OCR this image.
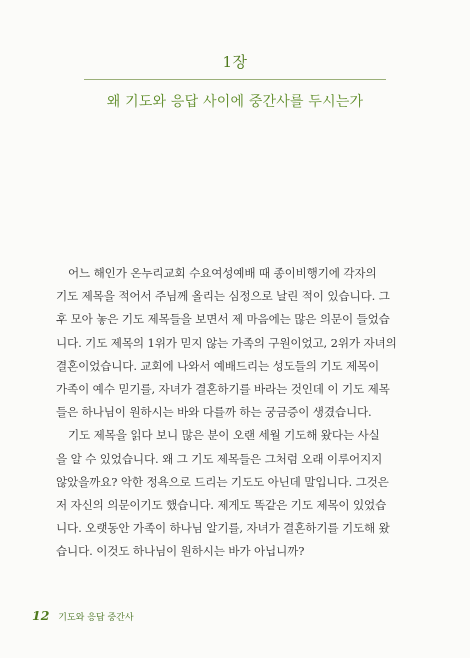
1장
왜 기도와 응답 사이에 중간사를 두시는가
어느 해인가 온누리교회 수요여성예배 때 종이비행기에 각자의
기도 제목을 적어서 주님께 올리는 심정으로 날린 적이 있습니다. 그
후 모아 놓은 기도 제목들을 보면서 제 마음에는 많은 의문이 들었습
니다. 기도 제목의 1위가 믿지 않는 가족의 구원이었고, 2위가 자녀의
결혼이었습니다. 교회에 나와서 예배드리는 성도들의 기도 제목이
가족이 예수 믿기를, 자녀가 결혼하기를 바라는 것인데 이 기도 제목
들은 하나님이 원하시는 바와 다를까 하는 궁금증이 생겼습니다.
기도 제목을 읽다 보니 많은 분이 오랜 세월 기도해 왔다는 사실
을 알 수 있었습니다. 왜 그 기도 제목들은 그처럼 오래 이루어지지
않았을까요? 악한 정욕으로 드리는 기도도 아닌데 말입니다. 그것은
저 자신의 의문이기도 했습니다. 제게도 똑같은 기도 제목이 있었습
니다. 오랫동안 가족이 하나님 알기를, 자녀가 결혼하기를 기도해 왔
습니다. 이것도 하나님이 원하시는 바가 아닙니까?
12 기도와 응답 중간사
